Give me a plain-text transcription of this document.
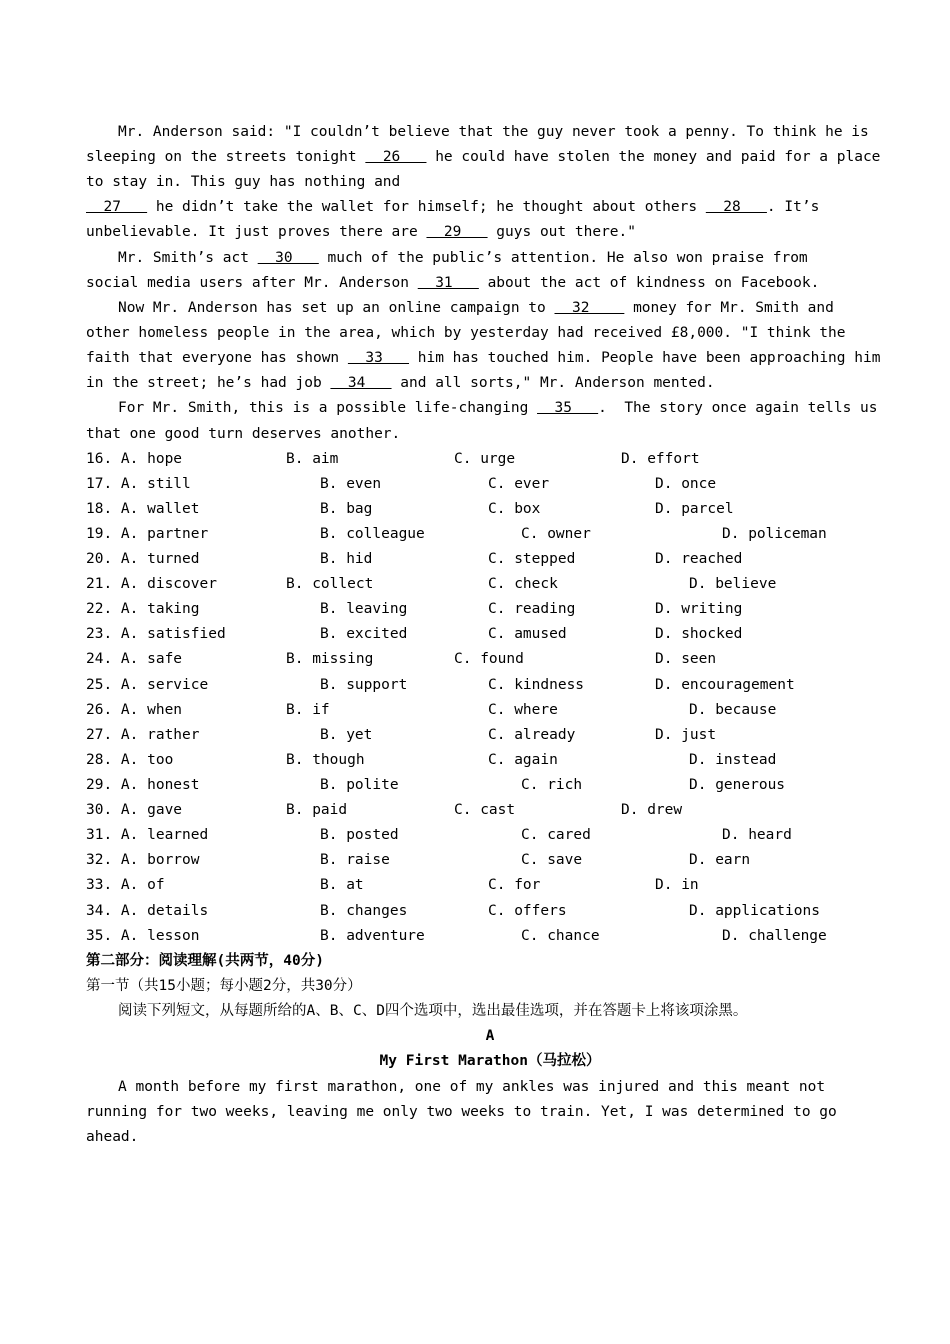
Mr. Anderson said: "I couldn’t believe that the guy never took a penny. To think he is
sleeping on the streets tonight   26    he could have stolen the money and paid for a place
to stay in. This guy has nothing and
27    he didn’t take the wallet for himself; he thought about others   28   . It’s
unbelievable. It just proves there are   29    guys out there."
Mr. Smith’s act   30    much of the public’s attention. He also won praise from
social media users after Mr. Anderson   31    about the act of kindness on Facebook.
Now Mr. Anderson has set up an online campaign to   32     money for Mr. Smith and
other homeless people in the area, which by yesterday had received £8,000. "I think the
faith that everyone has shown   33    him has touched him. People have been approaching him
in the street; he’s had job   34    and all sorts," Mr. Anderson mented.
For Mr. Smith, this is a possible life-changing   35   .  The story once again tells us
that one good turn deserves another.
16. A. hope	B. aim	C. urge	D. effort
17. A. still	B. even	C. ever	D. once
18. A. wallet	B. bag	C. box	D. parcel
19. A. partner	B. colleague	C. owner	D. policeman
20. A. turned	B. hid	C. stepped	D. reached
21. A. discover	B. collect	C. check	D. believe
22. A. taking	B. leaving	C. reading	D. writing
23. A. satisfied	B. excited	C. amused	D. shocked
24. A. safe	B. missing	C. found	D. seen
25. A. service	B. support	C. kindness	D. encouragement
26. A. when	B. if	C. where	D. because
27. A. rather	B. yet	C. already	D. just
28. A. too	B. though	C. again	D. instead
29. A. honest	B. polite	C. rich	D. generous
30. A. gave	B. paid	C. cast	D. drew
31. A. learned	B. posted	C. cared	D. heard
32. A. borrow	B. raise	C. save	D. earn
33. A. of	B. at	C. for	D. in
34. A. details	B. changes	C. offers	D. applications
35. A. lesson	B. adventure	C. chance	D. challenge
第二部分：阅读理解(共两节，40分)
第一节（共15小题；每小题2分，共30分）
阅读下列短文，从每题所给的A、B、C、D四个选项中，选出最佳选项，并在答题卡上将该项涂黑。
A
My First Marathon（马拉松）
A month before my first marathon, one of my ankles was injured and this meant not
running for two weeks, leaving me only two weeks to train. Yet, I was determined to go
ahead.
